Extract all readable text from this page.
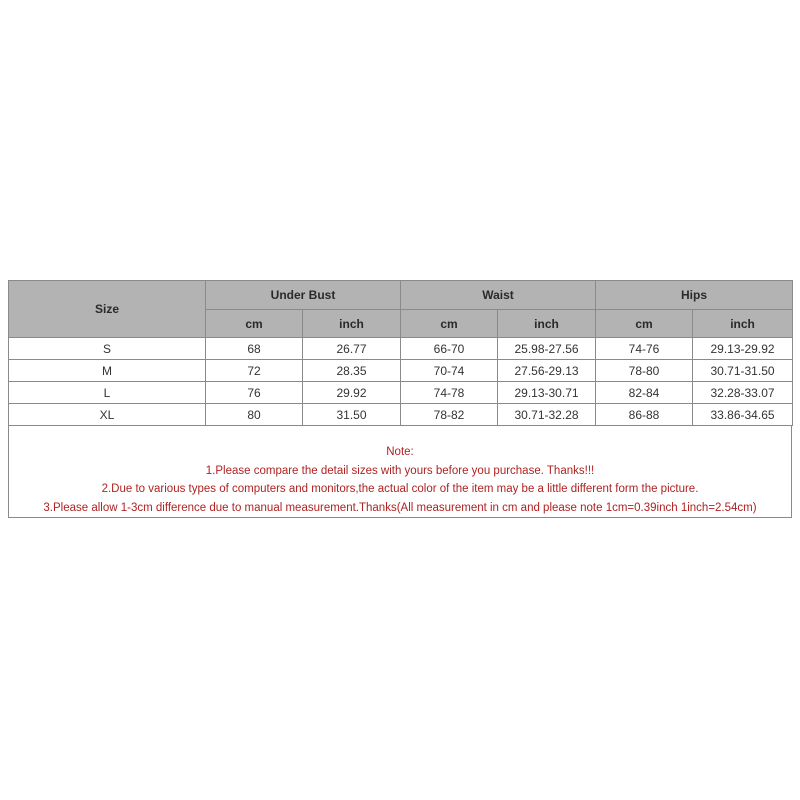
Size	Under Bust		Waist		Hips	
	cm	inch	cm	inch	cm	inch
S	68	26.77	66-70	25.98-27.56	74-76	29.13-29.92
M	72	28.35	70-74	27.56-29.13	78-80	30.71-31.50
L	76	29.92	74-78	29.13-30.71	82-84	32.28-33.07
XL	80	31.50	78-82	30.71-32.28	86-88	33.86-34.65
Note:
1.Please compare the detail sizes with yours before you purchase. Thanks!!!
2.Due to various types of computers and monitors,the actual color of the item may be a little different form the picture.
3.Please allow 1-3cm difference due to manual measurement.Thanks(All measurement in cm and please note 1cm=0.39inch 1inch=2.54cm)
